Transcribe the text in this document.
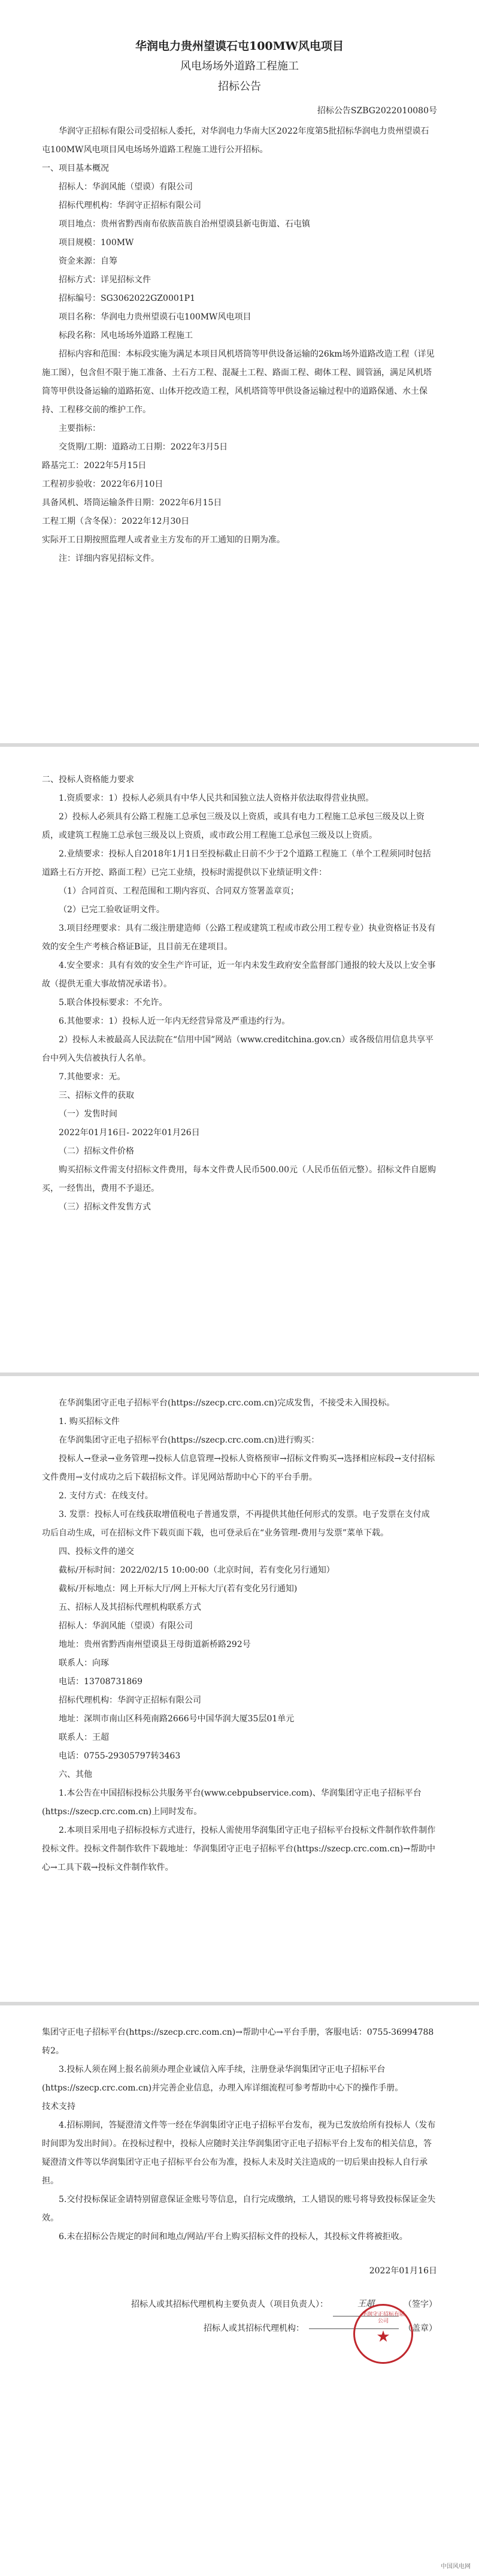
华润电力贵州望谟石屯100MW风电项目
风电场场外道路工程施工
招标公告
招标公告SZBG2022010080号

华润守正招标有限公司受招标人委托，对华润电力华南大区2022年度第5批招标华润电力贵州望谟石屯100MW风电项目风电场场外道路工程施工进行公开招标。

一、项目基本概况

招标人：华润风能（望谟）有限公司

招标代理机构：华润守正招标有限公司

项目地点：贵州省黔西南布依族苗族自治州望谟县新屯街道、石屯镇

项目规模：100MW

资金来源：自筹

招标方式：详见招标文件

招标编号：SG3062022GZ0001P1

项目名称：华润电力贵州望谟石屯100MW风电项目

标段名称：风电场场外道路工程施工

招标内容和范围：本标段实施为满足本项目风机塔筒等甲供设备运输的26km场外道路改造工程（详见施工图），包含但不限于施工准备、土石方工程、混凝土工程、路面工程、砌体工程、圆管涵，满足风机塔筒等甲供设备运输的道路拓宽、山体开挖改造工程，风机塔筒等甲供设备运输过程中的道路保通、水土保持、工程移交前的维护工作。

主要指标：

交货期/工期：道路动工日期：2022年3月5日

路基完工：2022年5月15日

工程初步验收：2022年6月10日

具备风机、塔筒运输条件日期：2022年6月15日

工程工期（含冬保）：2022年12月30日

实际开工日期按照监理人或者业主方发布的开工通知的日期为准。

注：详细内容见招标文件。

二、投标人资格能力要求

1.资质要求：1）投标人必须具有中华人民共和国独立法人资格并依法取得营业执照。

2）投标人必须具有公路工程施工总承包三级及以上资质，或具有电力工程施工总承包三级及以上资质，或建筑工程施工总承包三级及以上资质，或市政公用工程施工总承包三级及以上资质。

2.业绩要求：投标人自2018年1月1日至投标截止日前不少于2个道路工程施工（单个工程须同时包括道路土石方开挖、路面工程）已完工业绩，投标时需提供以下业绩证明文件：

（1）合同首页、工程范围和工期内容页、合同双方签署盖章页；

（2）已完工验收证明文件。

3.项目经理要求：具有二级注册建造师（公路工程或建筑工程或市政公用工程专业）执业资格证书及有效的安全生产考核合格证B证，且目前无在建项目。

4.安全要求：具有有效的安全生产许可证，近一年内未发生政府安全监督部门通报的较大及以上安全事故（提供无重大事故情况承诺书）。

5.联合体投标要求：不允许。

6.其他要求：1）投标人近一年内无经营异常及严重违约行为。

2）投标人未被最高人民法院在“信用中国”网站（www.creditchina.gov.cn）或各级信用信息共享平台中列入失信被执行人名单。

7.其他要求：无。

三、招标文件的获取

（一）发售时间

2022年01月16日- 2022年01月26日

（二）招标文件价格

购买招标文件需支付招标文件费用，每本文件费人民币500.00元（人民币伍佰元整）。招标文件自愿购买，一经售出，费用不予退还。

（三）招标文件发售方式

在华润集团守正电子招标平台(https://szecp.crc.com.cn)完成发售，不接受未入围投标。

1. 购买招标文件

在华润集团守正电子招标平台(https://szecp.crc.com.cn)进行购买：

投标人→登录→业务管理→投标人信息管理→投标人资格预审→招标文件购买→选择相应标段→支付招标文件费用→支付成功之后下载招标文件。详见网站帮助中心下的平台手册。

2. 支付方式：在线支付。

3. 发票：投标人可在线获取增值税电子普通发票，不再提供其他任何形式的发票。电子发票在支付成功后自动生成，可在招标文件下载页面下载，也可登录后在“业务管理-费用与发票”菜单下载。

四、投标文件的递交

截标/开标时间：2022/02/15 10:00:00（北京时间，若有变化另行通知）

截标/开标地点：网上开标大厅/网上开标大厅(若有变化另行通知)

五、招标人及其招标代理机构联系方式

招标人：华润风能（望谟）有限公司

地址：贵州省黔西南州望谟县王母街道新桥路292号

联系人：向琢

电话：13708731869

招标代理机构：华润守正招标有限公司

地址：深圳市南山区科苑南路2666号中国华润大厦35层01单元

联系人：王超

电话：0755-29305797转3463

六、其他

1.本公告在中国招标投标公共服务平台(www.cebpubservice.com)、华润集团守正电子招标平台(https://szecp.crc.com.cn)上同时发布。

2.本项目采用电子招标投标方式进行，投标人需使用华润集团守正电子招标平台投标文件制作软件制作投标文件。投标文件制作软件下载地址：华润集团守正电子招标平台(https://szecp.crc.com.cn)→帮助中心→工具下载→投标文件制作软件。

集团守正电子招标平台(https://szecp.crc.com.cn)→帮助中心→平台手册，客服电话：0755-36994788转2。

3.投标人须在网上报名前须办理企业诚信入库手续，注册登录华润集团守正电子招标平台(https://szecp.crc.com.cn)并完善企业信息，办理入库详细流程可参考帮助中心下的操作手册。

技术支持

4.招标期间，答疑澄清文件等一经在华润集团守正电子招标平台发布，视为已发放给所有投标人（发布时间即为发出时间）。在投标过程中，投标人应随时关注华润集团守正电子招标平台上发布的相关信息，答疑澄清文件等以华润集团守正电子招标平台公布为准，投标人未及时关注造成的一切后果由投标人自行承担。

5.交付投标保证金请特别留意保证金账号等信息，自行完成缴纳，工人错误的账号将导致投标保证金失效。

6.未在招标公告规定的时间和地点/网站/平台上购买招标文件的投标人，其投标文件将被拒收。

2022年01月16日
招标人或其招标代理机构主要负责人（项目负责人）：	王超	（签字）
招标人或其招标代理机构：	（盖章）
华润守正招标有限公司
★
中国风电网
